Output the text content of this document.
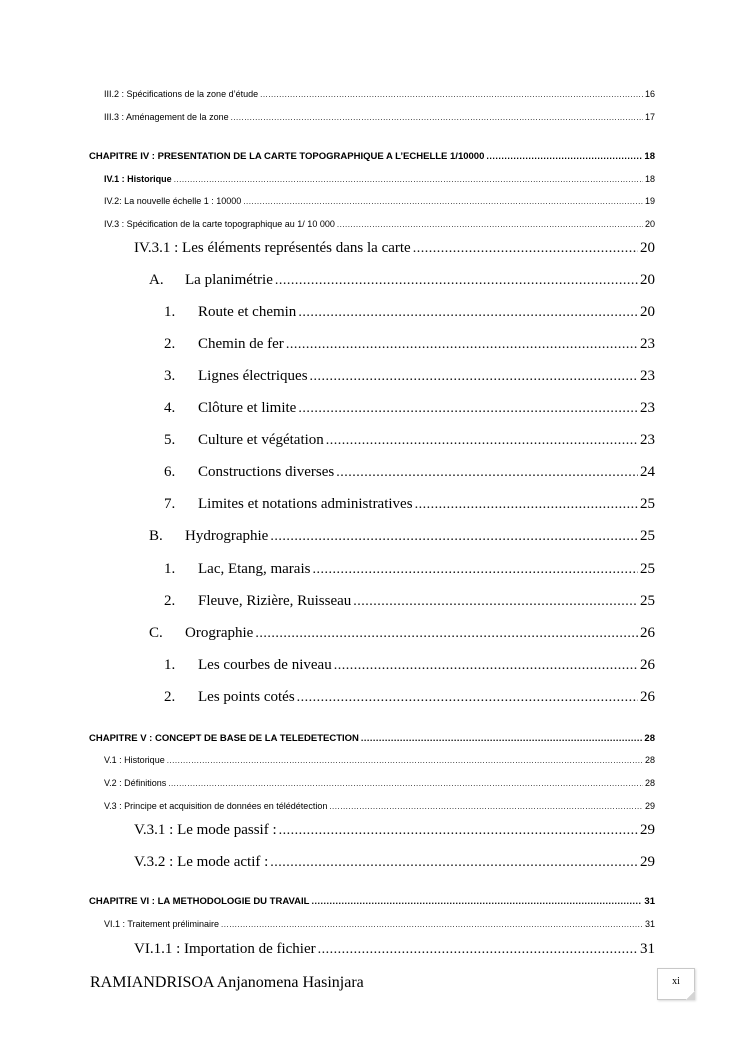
III.2 : Spécifications de la zone d’étude .....	16
III.3 : Aménagement de la zone .....	17
CHAPITRE IV : PRESENTATION DE LA CARTE TOPOGRAPHIQUE A L’ECHELLE 1/10000 .....	18
IV.1 : Historique .....	18
IV.2: La nouvelle échelle 1 : 10000 .....	19
IV.3 : Spécification de la carte topographique au 1/ 10 000 .....	20
IV.3.1 : Les éléments représentés dans la carte .....	20
A.	La planimétrie .....	20
1.	Route et chemin .....	20
2.	Chemin de fer .....	23
3.	Lignes électriques .....	23
4.	Clôture et limite .....	23
5.	Culture et végétation .....	23
6.	Constructions diverses .....	24
7.	Limites et notations administratives .....	25
B.	Hydrographie .....	25
1.	Lac, Etang, marais .....	25
2.	Fleuve, Rizière, Ruisseau .....	25
C.	Orographie .....	26
1.	Les courbes de niveau .....	26
2.	Les points cotés .....	26
CHAPITRE V : CONCEPT DE BASE DE LA TELEDETECTION .....	28
V.1 : Historique .....	28
V.2 : Définitions .....	28
V.3 : Principe et acquisition de données en télédétection .....	29
V.3.1 : Le mode passif : .....	29
V.3.2 : Le mode actif : .....	29
CHAPITRE VI : LA METHODOLOGIE DU TRAVAIL .....	31
VI.1 : Traitement préliminaire .....	31
VI.1.1 : Importation de fichier .....	31
RAMIANDRISOA Anjanomena Hasinjara	xi
